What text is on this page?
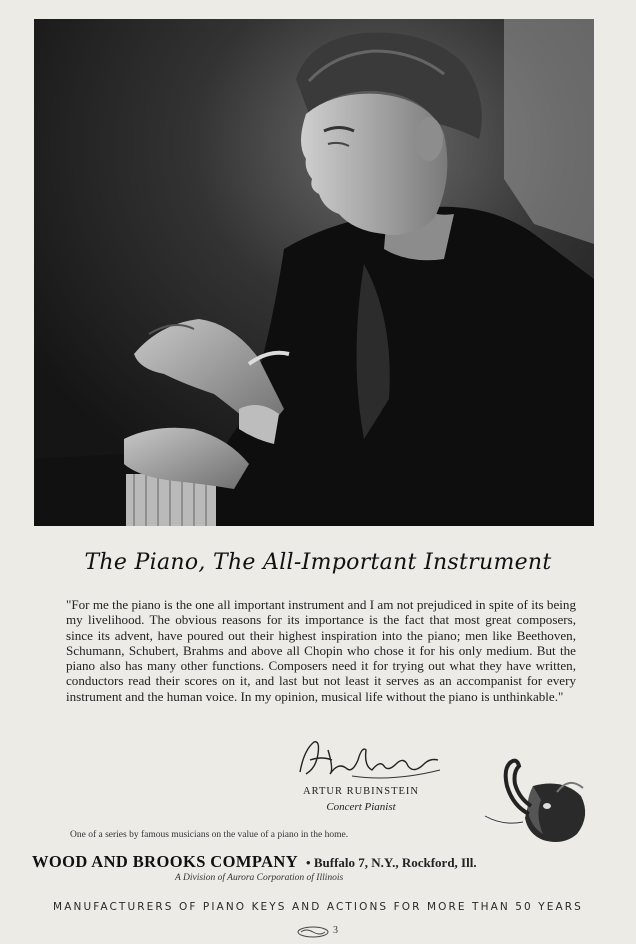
The Piano, The All-Important Instrument
"For me the piano is the one all important instrument and I am not prejudiced in spite of its being my livelihood. The obvious reasons for its importance is the fact that most great composers, since its advent, have poured out their highest inspiration into the piano; men like Beethoven, Schumann, Schubert, Brahms and above all Chopin who chose it for his only medium. But the piano also has many other functions. Composers need it for trying out what they have written, conductors read their scores on it, and last but not least it serves as an accompanist for every instrument and the human voice. In my opinion, musical life without the piano is unthinkable."
ARTUR RUBINSTEIN
Concert Pianist
One of a series by famous musicians on the value of a piano in the home.
WOOD AND BROOKS COMPANY • Buffalo 7, N.Y., Rockford, Ill.
A Division of Aurora Corporation of Illinois
MANUFACTURERS OF PIANO KEYS AND ACTIONS FOR MORE THAN 50 YEARS
3
